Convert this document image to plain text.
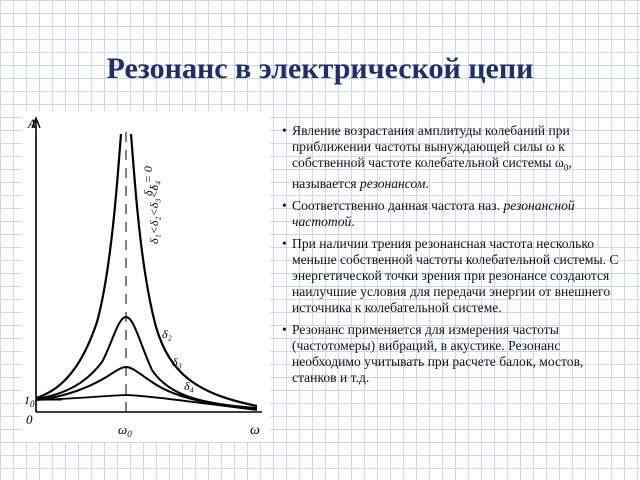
Резонанс в электрической цепи
A
ω
0
$1_0$
$\omega_0$
δ₁ = 0
δ₁<δ₂<δ₃<δ₄
δ₂
δ₃
δ₄
• Явление возрастания амплитуды колебаний при приближении частоты вынуждающей силы ω к собственной частоте колебательной системы $\omega_0$, называется резонансом.
• Соответственно данная частота наз. резонансной частотой.
• При наличии трения резонансная частота несколько меньше собственной частоты колебательной системы. С энергетической точки зрения при резонансе создаются наилучшие условия для передачи энергии от внешнего источника к колебательной системе.
• Резонанс применяется для измерения частоты (частотомеры) вибраций, в акустике. Резонанс необходимо учитывать при расчете балок, мостов, станков и т.д.
